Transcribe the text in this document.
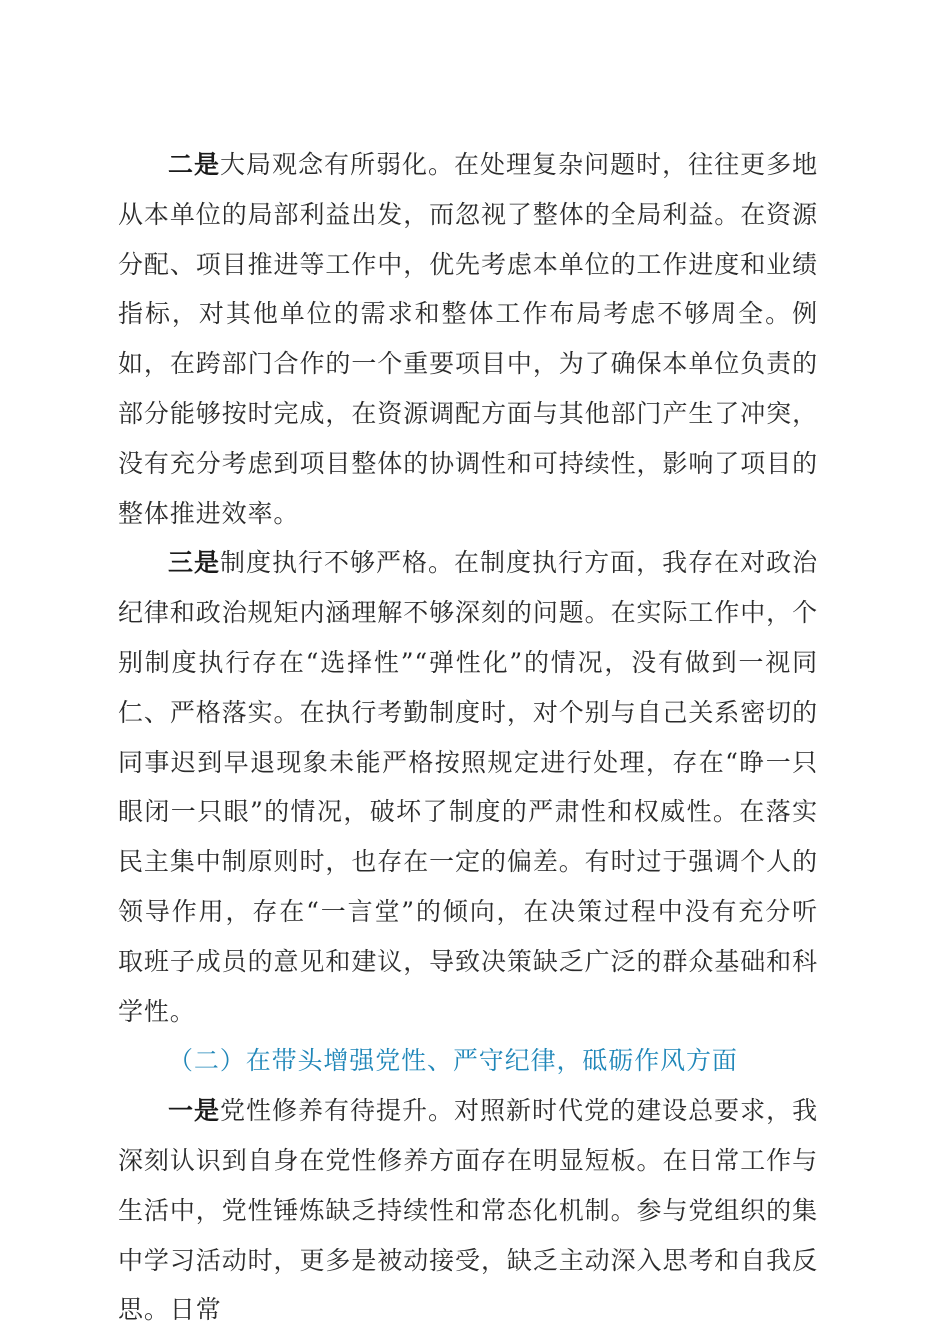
二是大局观念有所弱化。在处理复杂问题时，往往更多地从本单位的局部利益出发，而忽视了整体的全局利益。在资源分配、项目推进等工作中，优先考虑本单位的工作进度和业绩指标，对其他单位的需求和整体工作布局考虑不够周全。例如，在跨部门合作的一个重要项目中，为了确保本单位负责的部分能够按时完成，在资源调配方面与其他部门产生了冲突，没有充分考虑到项目整体的协调性和可持续性，影响了项目的整体推进效率。

三是制度执行不够严格。在制度执行方面，我存在对政治纪律和政治规矩内涵理解不够深刻的问题。在实际工作中，个别制度执行存在“选择性”“弹性化”的情况，没有做到一视同仁、严格落实。在执行考勤制度时，对个别与自己关系密切的同事迟到早退现象未能严格按照规定进行处理，存在“睁一只眼闭一只眼”的情况，破坏了制度的严肃性和权威性。在落实民主集中制原则时，也存在一定的偏差。有时过于强调个人的领导作用，存在“一言堂”的倾向，在决策过程中没有充分听取班子成员的意见和建议，导致决策缺乏广泛的群众基础和科学性。

（二）在带头增强党性、严守纪律，砥砺作风方面

一是党性修养有待提升。对照新时代党的建设总要求，我深刻认识到自身在党性修养方面存在明显短板。在日常工作与生活中，党性锤炼缺乏持续性和常态化机制。参与党组织的集中学习活动时，更多是被动接受，缺乏主动深入思考和自我反思。日常
